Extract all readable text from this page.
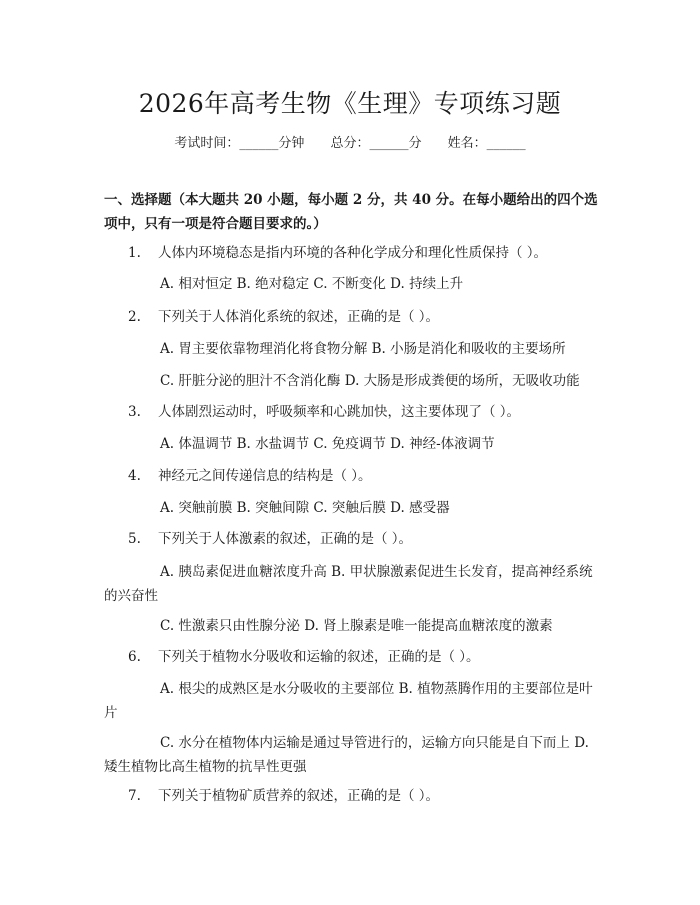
2026年高考生物《生理》专项练习题
考试时间：______分钟 总分：______分 姓名：______
一、选择题（本大题共 20 小题，每小题 2 分，共 40 分。在每小题给出的四个选
项中，只有一项是符合题目要求的。）
1. 人体内环境稳态是指内环境的各种化学成分和理化性质保持（ ）。
A. 相对恒定 B. 绝对稳定 C. 不断变化 D. 持续上升
2. 下列关于人体消化系统的叙述，正确的是（ ）。
A. 胃主要依靠物理消化将食物分解 B. 小肠是消化和吸收的主要场所
C. 肝脏分泌的胆汁不含消化酶 D. 大肠是形成粪便的场所，无吸收功能
3. 人体剧烈运动时，呼吸频率和心跳加快，这主要体现了（ ）。
A. 体温调节 B. 水盐调节 C. 免疫调节 D. 神经-体液调节
4. 神经元之间传递信息的结构是（ ）。
A. 突触前膜 B. 突触间隙 C. 突触后膜 D. 感受器
5. 下列关于人体激素的叙述，正确的是（ ）。
A. 胰岛素促进血糖浓度升高 B. 甲状腺激素促进生长发育，提高神经系统的兴奋性
C. 性激素只由性腺分泌 D. 肾上腺素是唯一能提高血糖浓度的激素
6. 下列关于植物水分吸收和运输的叙述，正确的是（ ）。
A. 根尖的成熟区是水分吸收的主要部位 B. 植物蒸腾作用的主要部位是叶片
C. 水分在植物体内运输是通过导管进行的，运输方向只能是自下而上 D. 矮生植物比高生植物的抗旱性更强
7. 下列关于植物矿质营养的叙述，正确的是（ ）。
